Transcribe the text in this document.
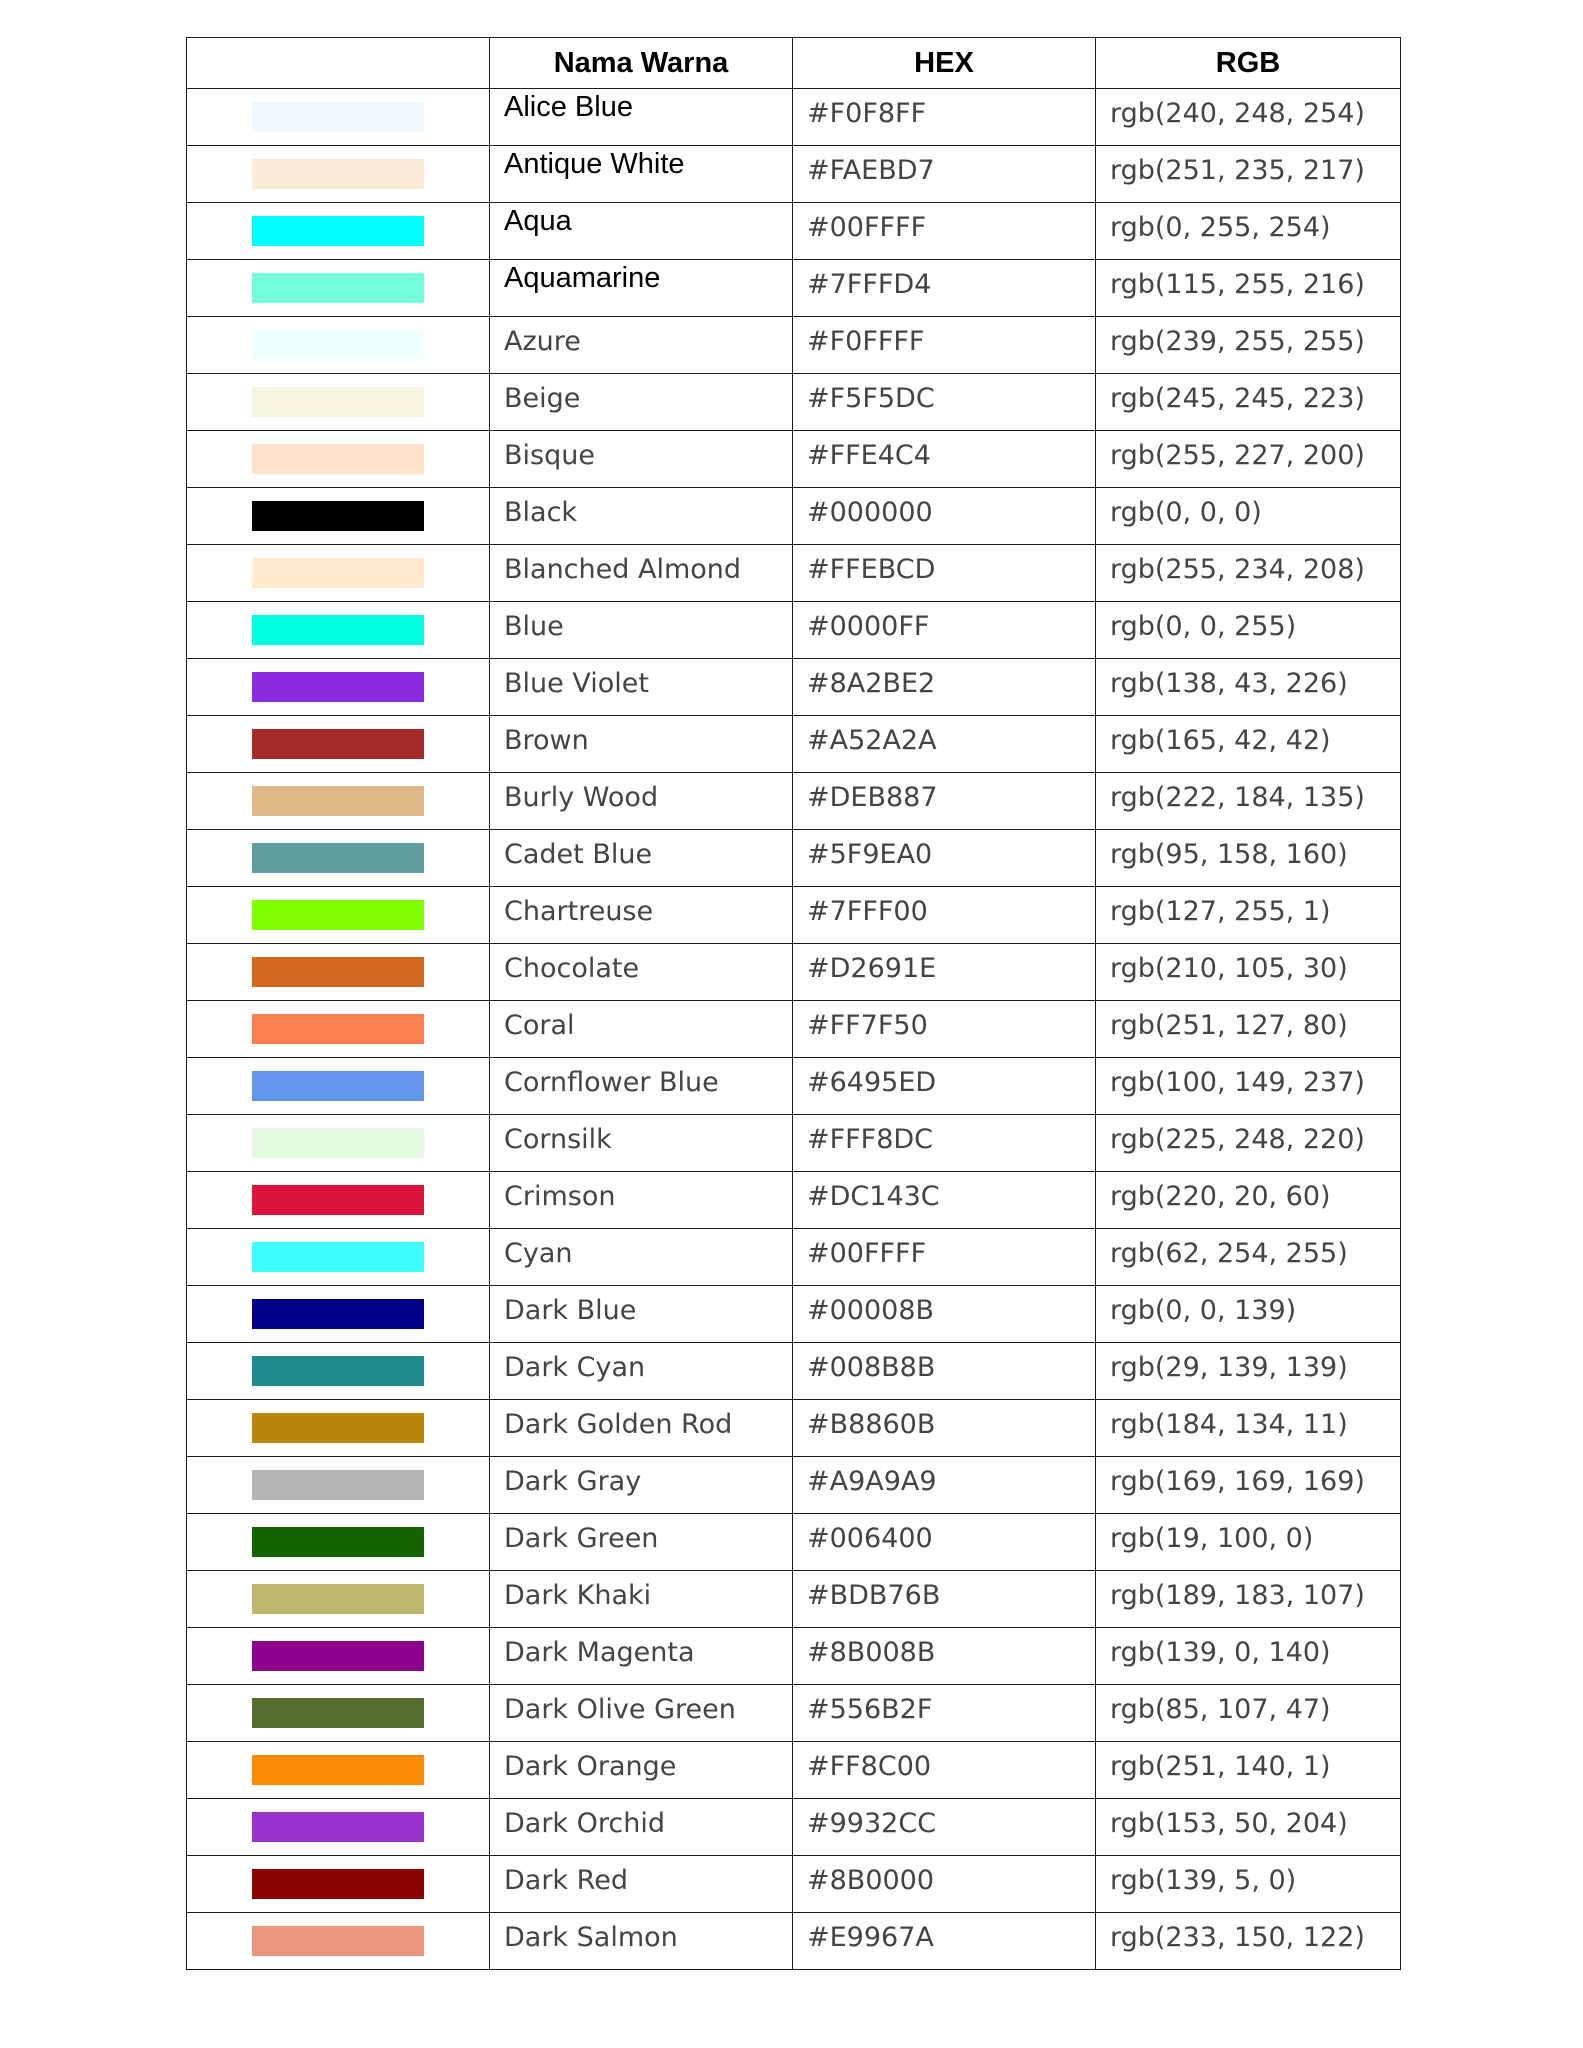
	Nama Warna	HEX	RGB
	Alice Blue	#F0F8FF	rgb(240, 248, 254)
	Antique White	#FAEBD7	rgb(251, 235, 217)
	Aqua	#00FFFF	rgb(0, 255, 254)
	Aquamarine	#7FFFD4	rgb(115, 255, 216)
	Azure	#F0FFFF	rgb(239, 255, 255)
	Beige	#F5F5DC	rgb(245, 245, 223)
	Bisque	#FFE4C4	rgb(255, 227, 200)
	Black	#000000	rgb(0, 0, 0)
	Blanched Almond	#FFEBCD	rgb(255, 234, 208)
	Blue	#0000FF	rgb(0, 0, 255)
	Blue Violet	#8A2BE2	rgb(138, 43, 226)
	Brown	#A52A2A	rgb(165, 42, 42)
	Burly Wood	#DEB887	rgb(222, 184, 135)
	Cadet Blue	#5F9EA0	rgb(95, 158, 160)
	Chartreuse	#7FFF00	rgb(127, 255, 1)
	Chocolate	#D2691E	rgb(210, 105, 30)
	Coral	#FF7F50	rgb(251, 127, 80)
	Cornflower Blue	#6495ED	rgb(100, 149, 237)
	Cornsilk	#FFF8DC	rgb(225, 248, 220)
	Crimson	#DC143C	rgb(220, 20, 60)
	Cyan	#00FFFF	rgb(62, 254, 255)
	Dark Blue	#00008B	rgb(0, 0, 139)
	Dark Cyan	#008B8B	rgb(29, 139, 139)
	Dark Golden Rod	#B8860B	rgb(184, 134, 11)
	Dark Gray	#A9A9A9	rgb(169, 169, 169)
	Dark Green	#006400	rgb(19, 100, 0)
	Dark Khaki	#BDB76B	rgb(189, 183, 107)
	Dark Magenta	#8B008B	rgb(139, 0, 140)
	Dark Olive Green	#556B2F	rgb(85, 107, 47)
	Dark Orange	#FF8C00	rgb(251, 140, 1)
	Dark Orchid	#9932CC	rgb(153, 50, 204)
	Dark Red	#8B0000	rgb(139, 5, 0)
	Dark Salmon	#E9967A	rgb(233, 150, 122)
